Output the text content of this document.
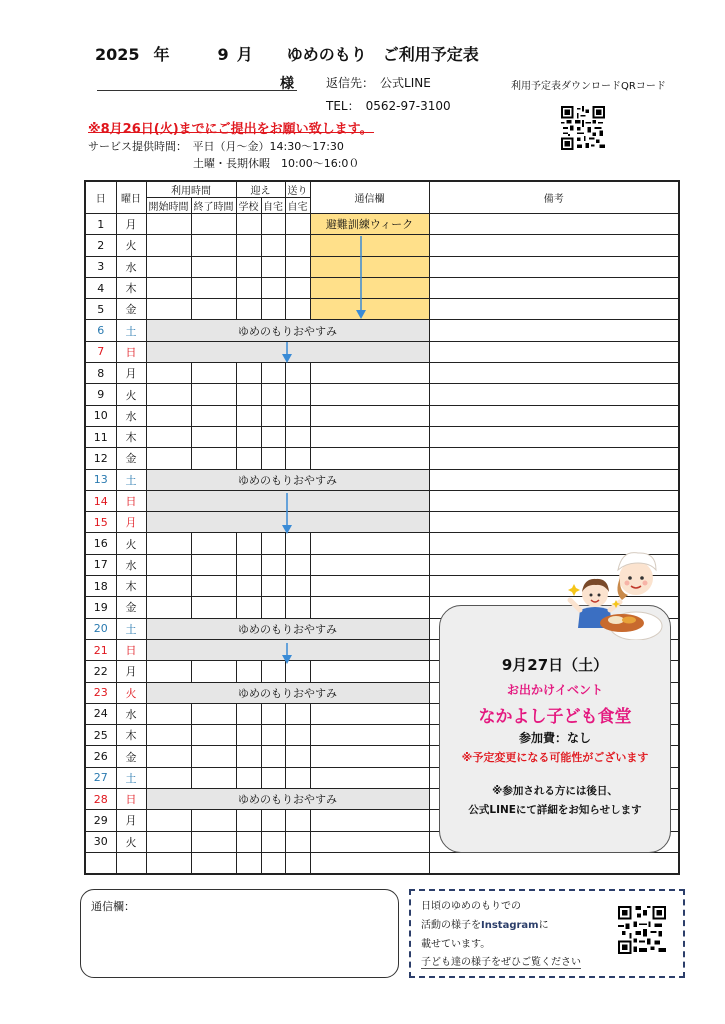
2025 年	9 月 ゆめのもり　ご利用予定表
様	返信先：　 公式LINE
TEL：　 0562-97-3100
利用予定表ダウンロードQRコード
※8月26日(火)までにご提出をお願い致します。
サービス提供時間：　 平日（月～金）14:30～17:30
土曜・長期休暇　10:00～16:0０
日	曜日	利用時間		迎え		送り	通信欄	備考
		開始時間	終了時間	学校	自宅	自宅		
1	月						避難訓練ウィーク	
2	火							
3	水							
4	木							
5	金							
6	土	ゆめのもりおやすみ						
7	日							
8	月							
9	火							
10	水							
11	木							
12	金							
13	土	ゆめのもりおやすみ						
14	日							
15	月							
16	火							
17	水							
18	木							
19	金							
20	土	ゆめのもりおやすみ						
21	日							
22	月							
23	火	ゆめのもりおやすみ						
24	水							
25	木							
26	金							
27	土							
28	日	ゆめのもりおやすみ						
29	月							
30	火							

9月27日（土）
お出かけイベント
なかよし子ども食堂
参加費：なし
※予定変更になる可能性がございます
※参加される方には後日、
公式LINEにて詳細をお知らせします
通信欄：	日頃のゆめのもりでの
活動の様子をInstagramに
載せています。
子ども達の様子をぜひご覧ください
